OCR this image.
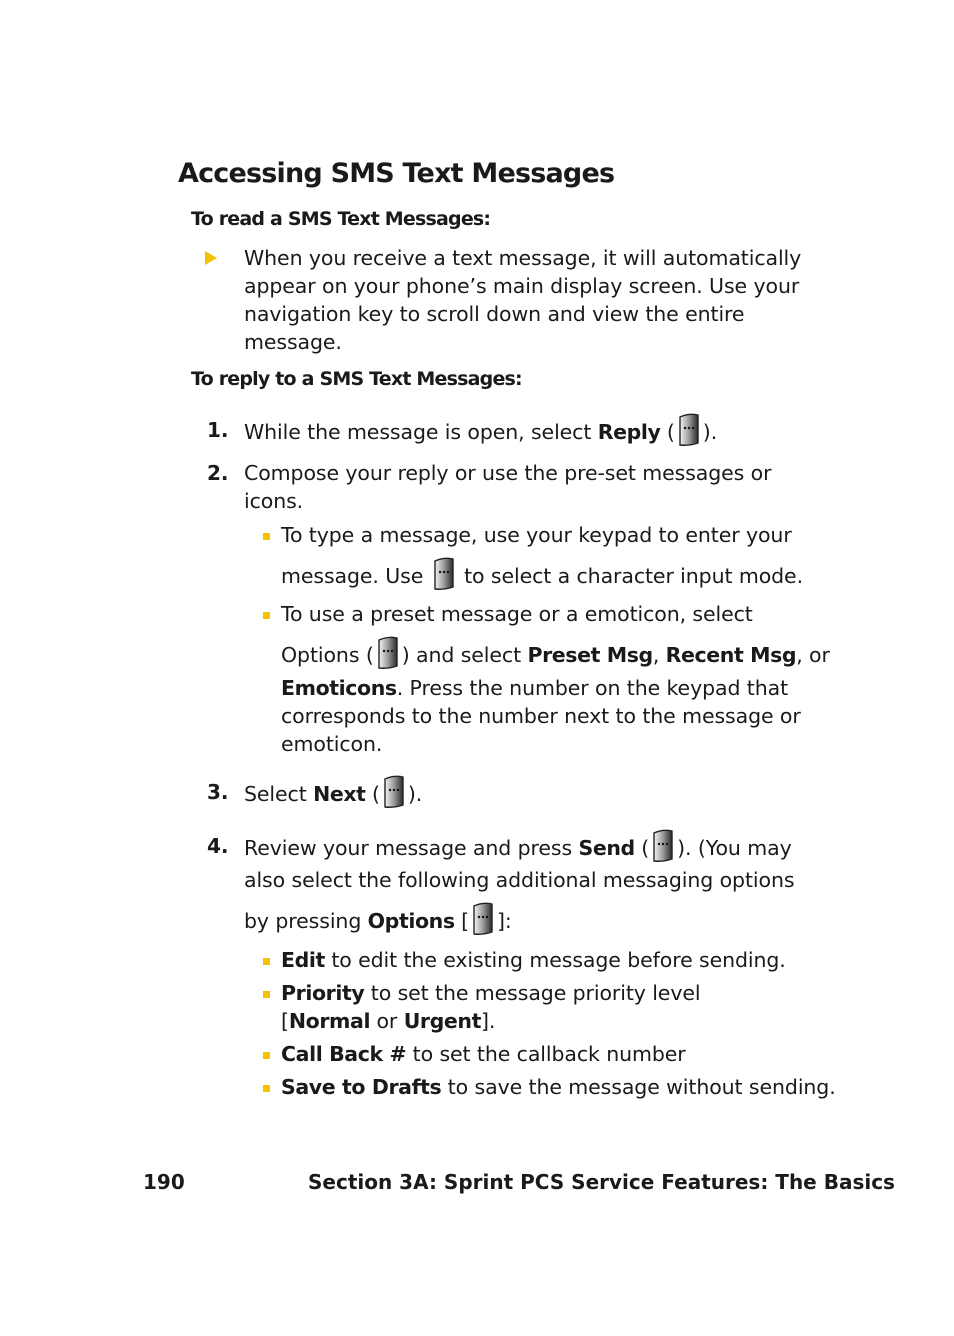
Accessing SMS Text Messages
To read a SMS Text Messages:
When you receive a text message, it will automatically
appear on your phone’s main display screen. Use your
navigation key to scroll down and view the entire
message.
To reply to a SMS Text Messages:
1. While the message is open, select Reply ( ).
2. Compose your reply or use the pre-set messages or
icons.
To type a message, use your keypad to enter your
message. Use
to select a character input mode.
To use a preset message or a emoticon, select
Options ( ) and select Preset Msg, Recent Msg, or
Emoticons. Press the number on the keypad that
corresponds to the number next to the message or
emoticon.
3. Select Next ( ).
4. Review your message and press Send ( ). (You may
also select the following additional messaging options
by pressing Options [ ]:
Edit to edit the existing message before sending.
Priority to set the message priority level
[Normal or Urgent].
Call Back # to set the callback number
Save to Drafts to save the message without sending.
190	Section 3A: Sprint PCS Service Features: The Basics
